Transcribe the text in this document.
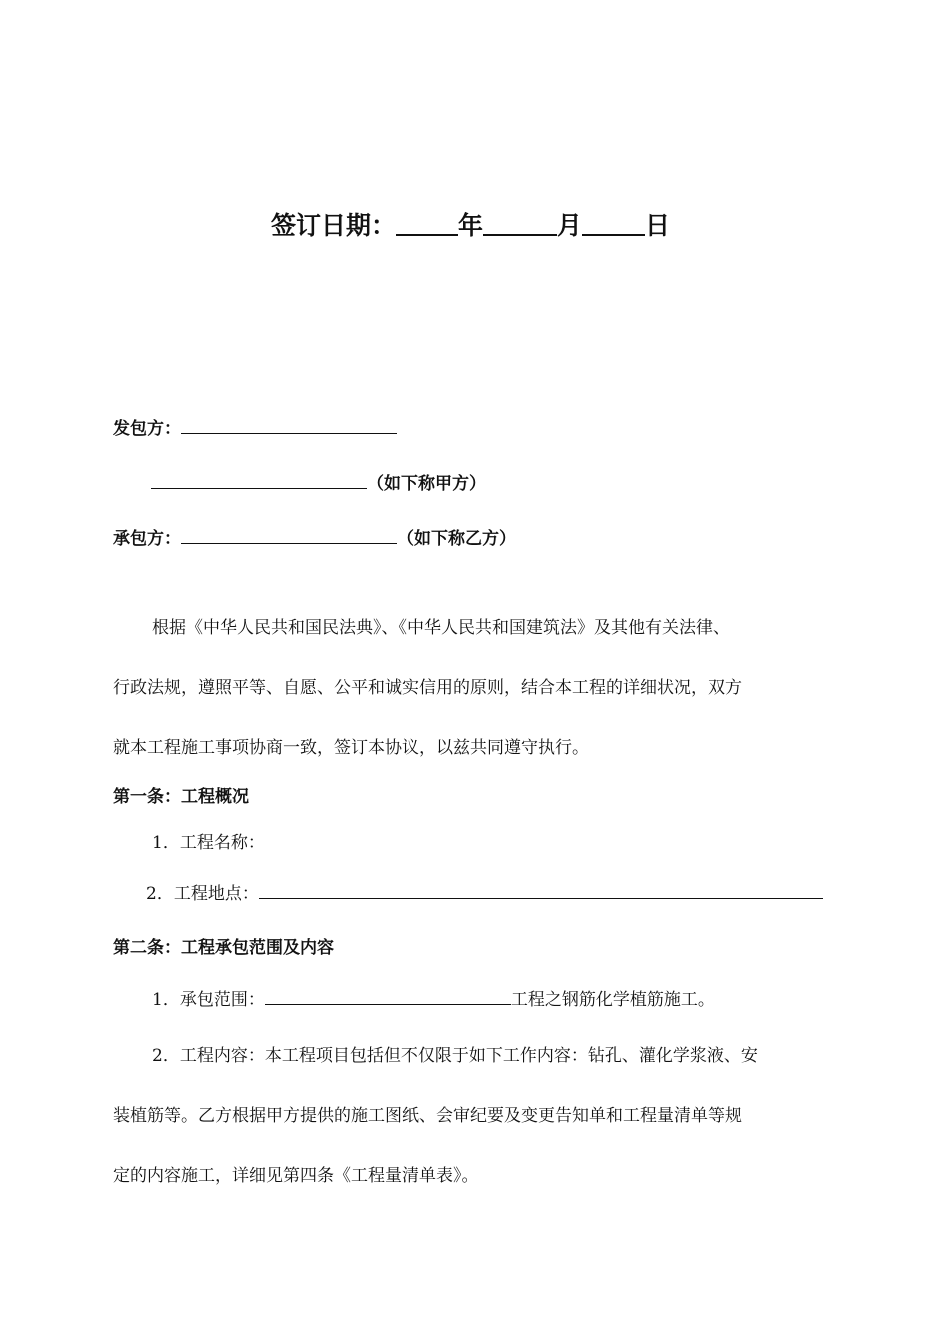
签订日期： 年	月	日
发包方：
（如下称甲方）
承包方：	（如下称乙方）
根据《中华人民共和国民法典》、《中华人民共和国建筑法》及其他有关法律、
行政法规，遵照平等、自愿、公平和诚实信用的原则，结合本工程的详细状况，双方
就本工程施工事项协商一致，签订本协议，以兹共同遵守执行。
第一条：工程概况
1．工程名称：
2．工程地点：
第二条：工程承包范围及内容
1．承包范围：	工程之钢筋化学植筋施工。
2．工程内容：本工程项目包括但不仅限于如下工作内容：钻孔、灌化学浆液、安
装植筋等。乙方根据甲方提供的施工图纸、会审纪要及变更告知单和工程量清单等规
定的内容施工，详细见第四条《工程量清单表》。
